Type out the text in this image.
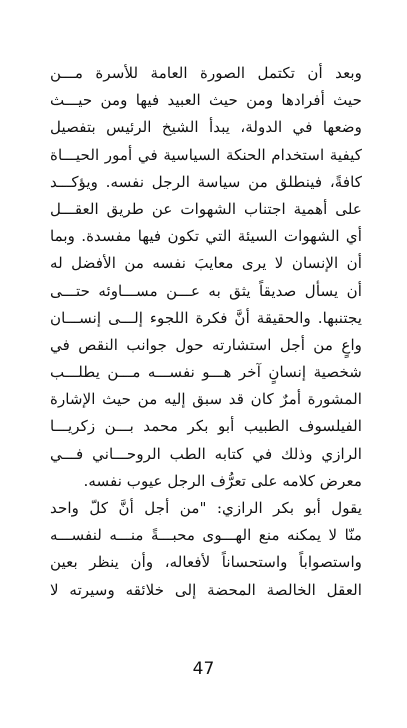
وبعد أن تكتمل الصورة العامة للأسرة مـــن
حيث أفرادها ومن حيث العبيد فيها ومن حيـــث
وضعها في الدولة، يبدأ الشيخ الرئيس بتفصيل
كيفية استخدام الحنكة السياسية في أمور الحيـــاة
كافةً، فينطلق من سياسة الرجل نفسه. ويؤكـــد
على أهمية اجتناب الشهوات عن طريق العقـــل
أي الشهوات السيئة التي تكون فيها مفسدة. وبما
أن الإنسان لا يرى معايبَ نفسه من الأفضل له
أن يسأل صديقاً يثق به عـــن مســـاوئه حتـــى
يجتنبها. والحقيقة أنَّ فكرة اللجوء إلـــى إنســـان
واعٍ من أجل استشارته حول جوانب النقص في
شخصية إنسانٍ آخر هـــو نفســـه مـــن يطلـــب
المشورة أمرٌ كان قد سبق إليه من حيث الإشارة
الفيلسوف الطبيب أبو بكر محمد بـــن زكريـــا
الرازي وذلك في كتابه الطب الروحـــاني فـــي
معرض كلامه على تعرُّف الرجل عيوب نفسه.
يقول أبو بكر الرازي: "من أجل أنَّ كلّ واحد
منّا لا يمكنه منع الهـــوى محبـــةً منـــه لنفســـه
واستصواباً واستحساناً لأفعاله، وأن ينظر بعين
العقل الخالصة المحضة إلى خلائقه وسيرته لا
47
